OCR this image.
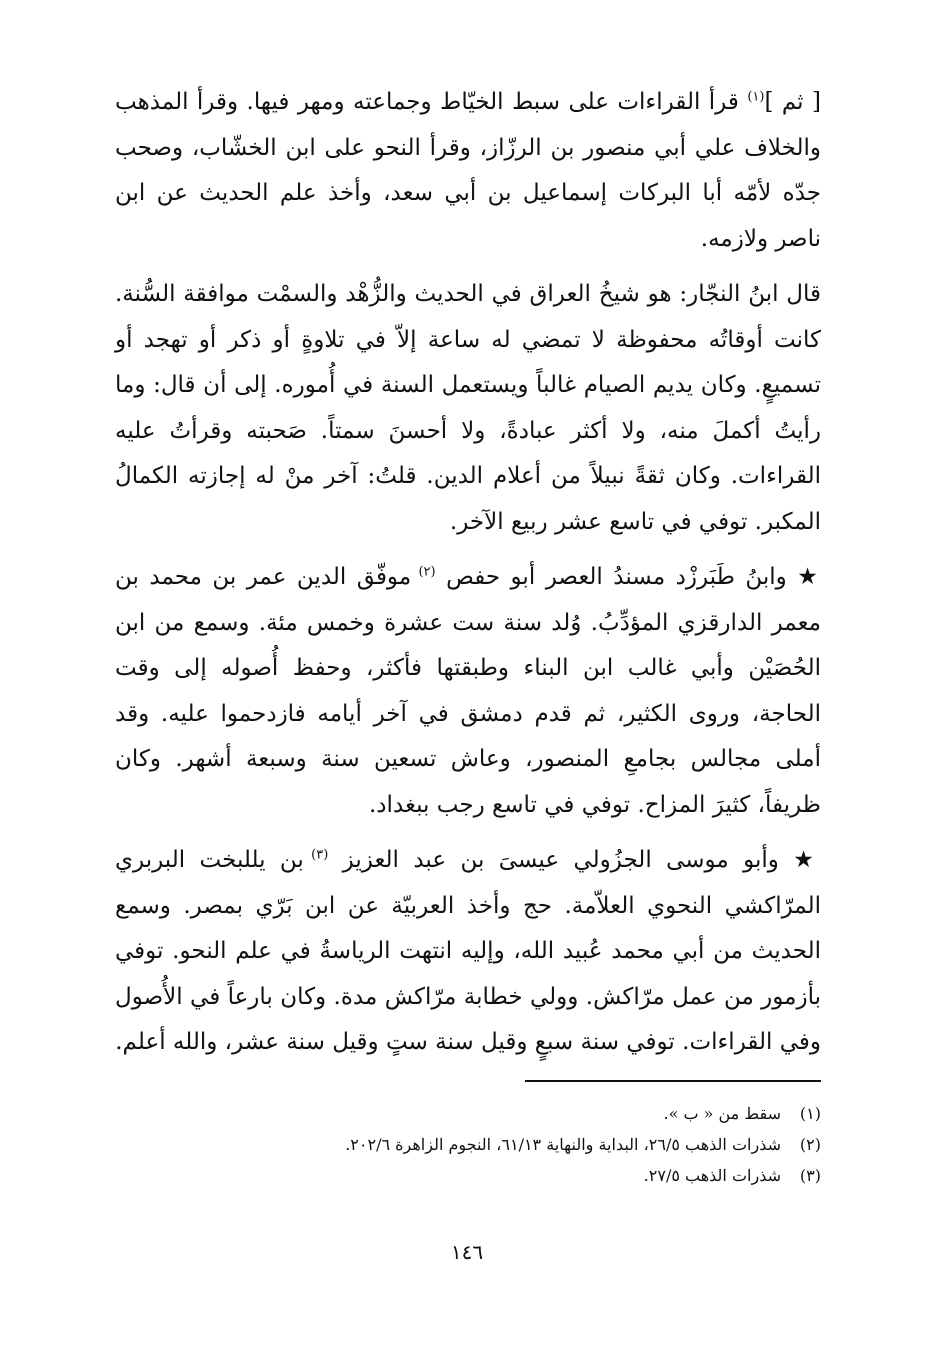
[ ثم ]$^{(١)}$ قرأ القراءات على سبط الخيّاط وجماعته ومهر فيها. وقرأ المذهب والخلاف علي أبي منصور بن الرزّاز، وقرأ النحو على ابن الخشّاب، وصحب جدّه لأمّه أبا البركات إسماعيل بن أبي سعد، وأخذ علم الحديث عن ابن ناصر ولازمه.

قال ابنُ النجّار: هو شيخُ العراق في الحديث والزُّهْد والسمْت موافقة السُّنة. كانت أوقاتُه محفوظة لا تمضي له ساعة إلاّ في تلاوةٍ أو ذكر أو تهجد أو تسميعٍ. وكان يديم الصيام غالباً ويستعمل السنة في أُموره. إلى أن قال: وما رأيتُ أكملَ منه، ولا أكثر عبادةً، ولا أحسنَ سمتاً. صَحبته وقرأتُ عليه القراءات. وكان ثقةً نبيلاً من أعلام الدين. قلتُ: آخر منْ له إجازته الكمالُ المكبر. توفي في تاسع عشر ربيع الآخر.

★ وابنُ طَبَرزْد مسندُ العصر أبو حفص $^{(٢)}$ موفّق الدين عمر بن محمد بن معمر الدارقزي المؤدِّبُ. وُلد سنة ست عشرة وخمس مئة. وسمع من ابن الحُصَيْن وأبي غالب ابن البناء وطبقتها فأكثر، وحفظ أُصوله إلى وقت الحاجة، وروى الكثير، ثم قدم دمشق في آخر أيامه فازدحموا عليه. وقد أملى مجالس بجامعِ المنصور، وعاش تسعين سنة وسبعة أشهر. وكان ظريفاً، كثيرَ المزاح. توفي في تاسع رجب ببغداد.

★ وأبو موسى الجزُولي عيسىَ بن عبد العزيز $^{(٣)}$ بن يللبخت البربري المرّاكشي النحوي العلاّمة. حج وأخذ العربيّة عن ابن بَرّي بمصر. وسمع الحديث من أبي محمد عُبيد الله، وإليه انتهت الرياسةُ في علم النحو. توفي بأزمور من عمل مرّاكش. وولي خطابة مرّاكش مدة. وكان بارعاً في الأُصول وفي القراءات. توفي سنة سبعٍ وقيل سنة ستٍ وقيل سنة عشر، والله أعلم.

(١)سقط من « ب ».

(٢)شذرات الذهب ٢٦/٥، البداية والنهاية ٦١/١٣، النجوم الزاهرة ٢٠٢/٦.

(٣)شذرات الذهب ٢٧/٥.

١٤٦
